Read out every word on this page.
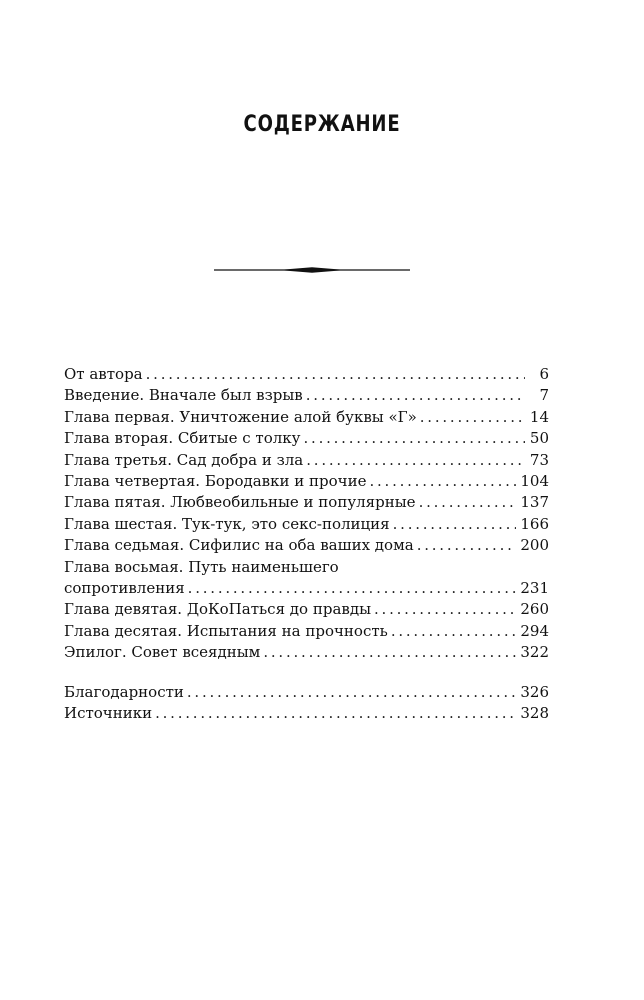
СОДЕРЖАНИЕ
От автора . . .	6
Введение. Вначале был взрыв . . .	7
Глава первая. Уничтожение алой буквы «Г» . . .	14
Глава вторая. Сбитые с толку . . .	50
Глава третья. Сад добра и зла . . .	73
Глава четвертая. Бородавки и прочие . . .	104
Глава пятая. Любвеобильные и популярные . . .	137
Глава шестая. Тук-тук, это секс-полиция . . .	166
Глава седьмая. Сифилис на оба ваших дома . . .	200
Глава восьмая. Путь наименьшего
сопротивления . . .	231
Глава девятая. ДоКоПаться до правды . . .	260
Глава десятая. Испытания на прочность . . .	294
Эпилог. Совет всеядным . . .	322
Благодарности . . .	326
Источники . . .	328
